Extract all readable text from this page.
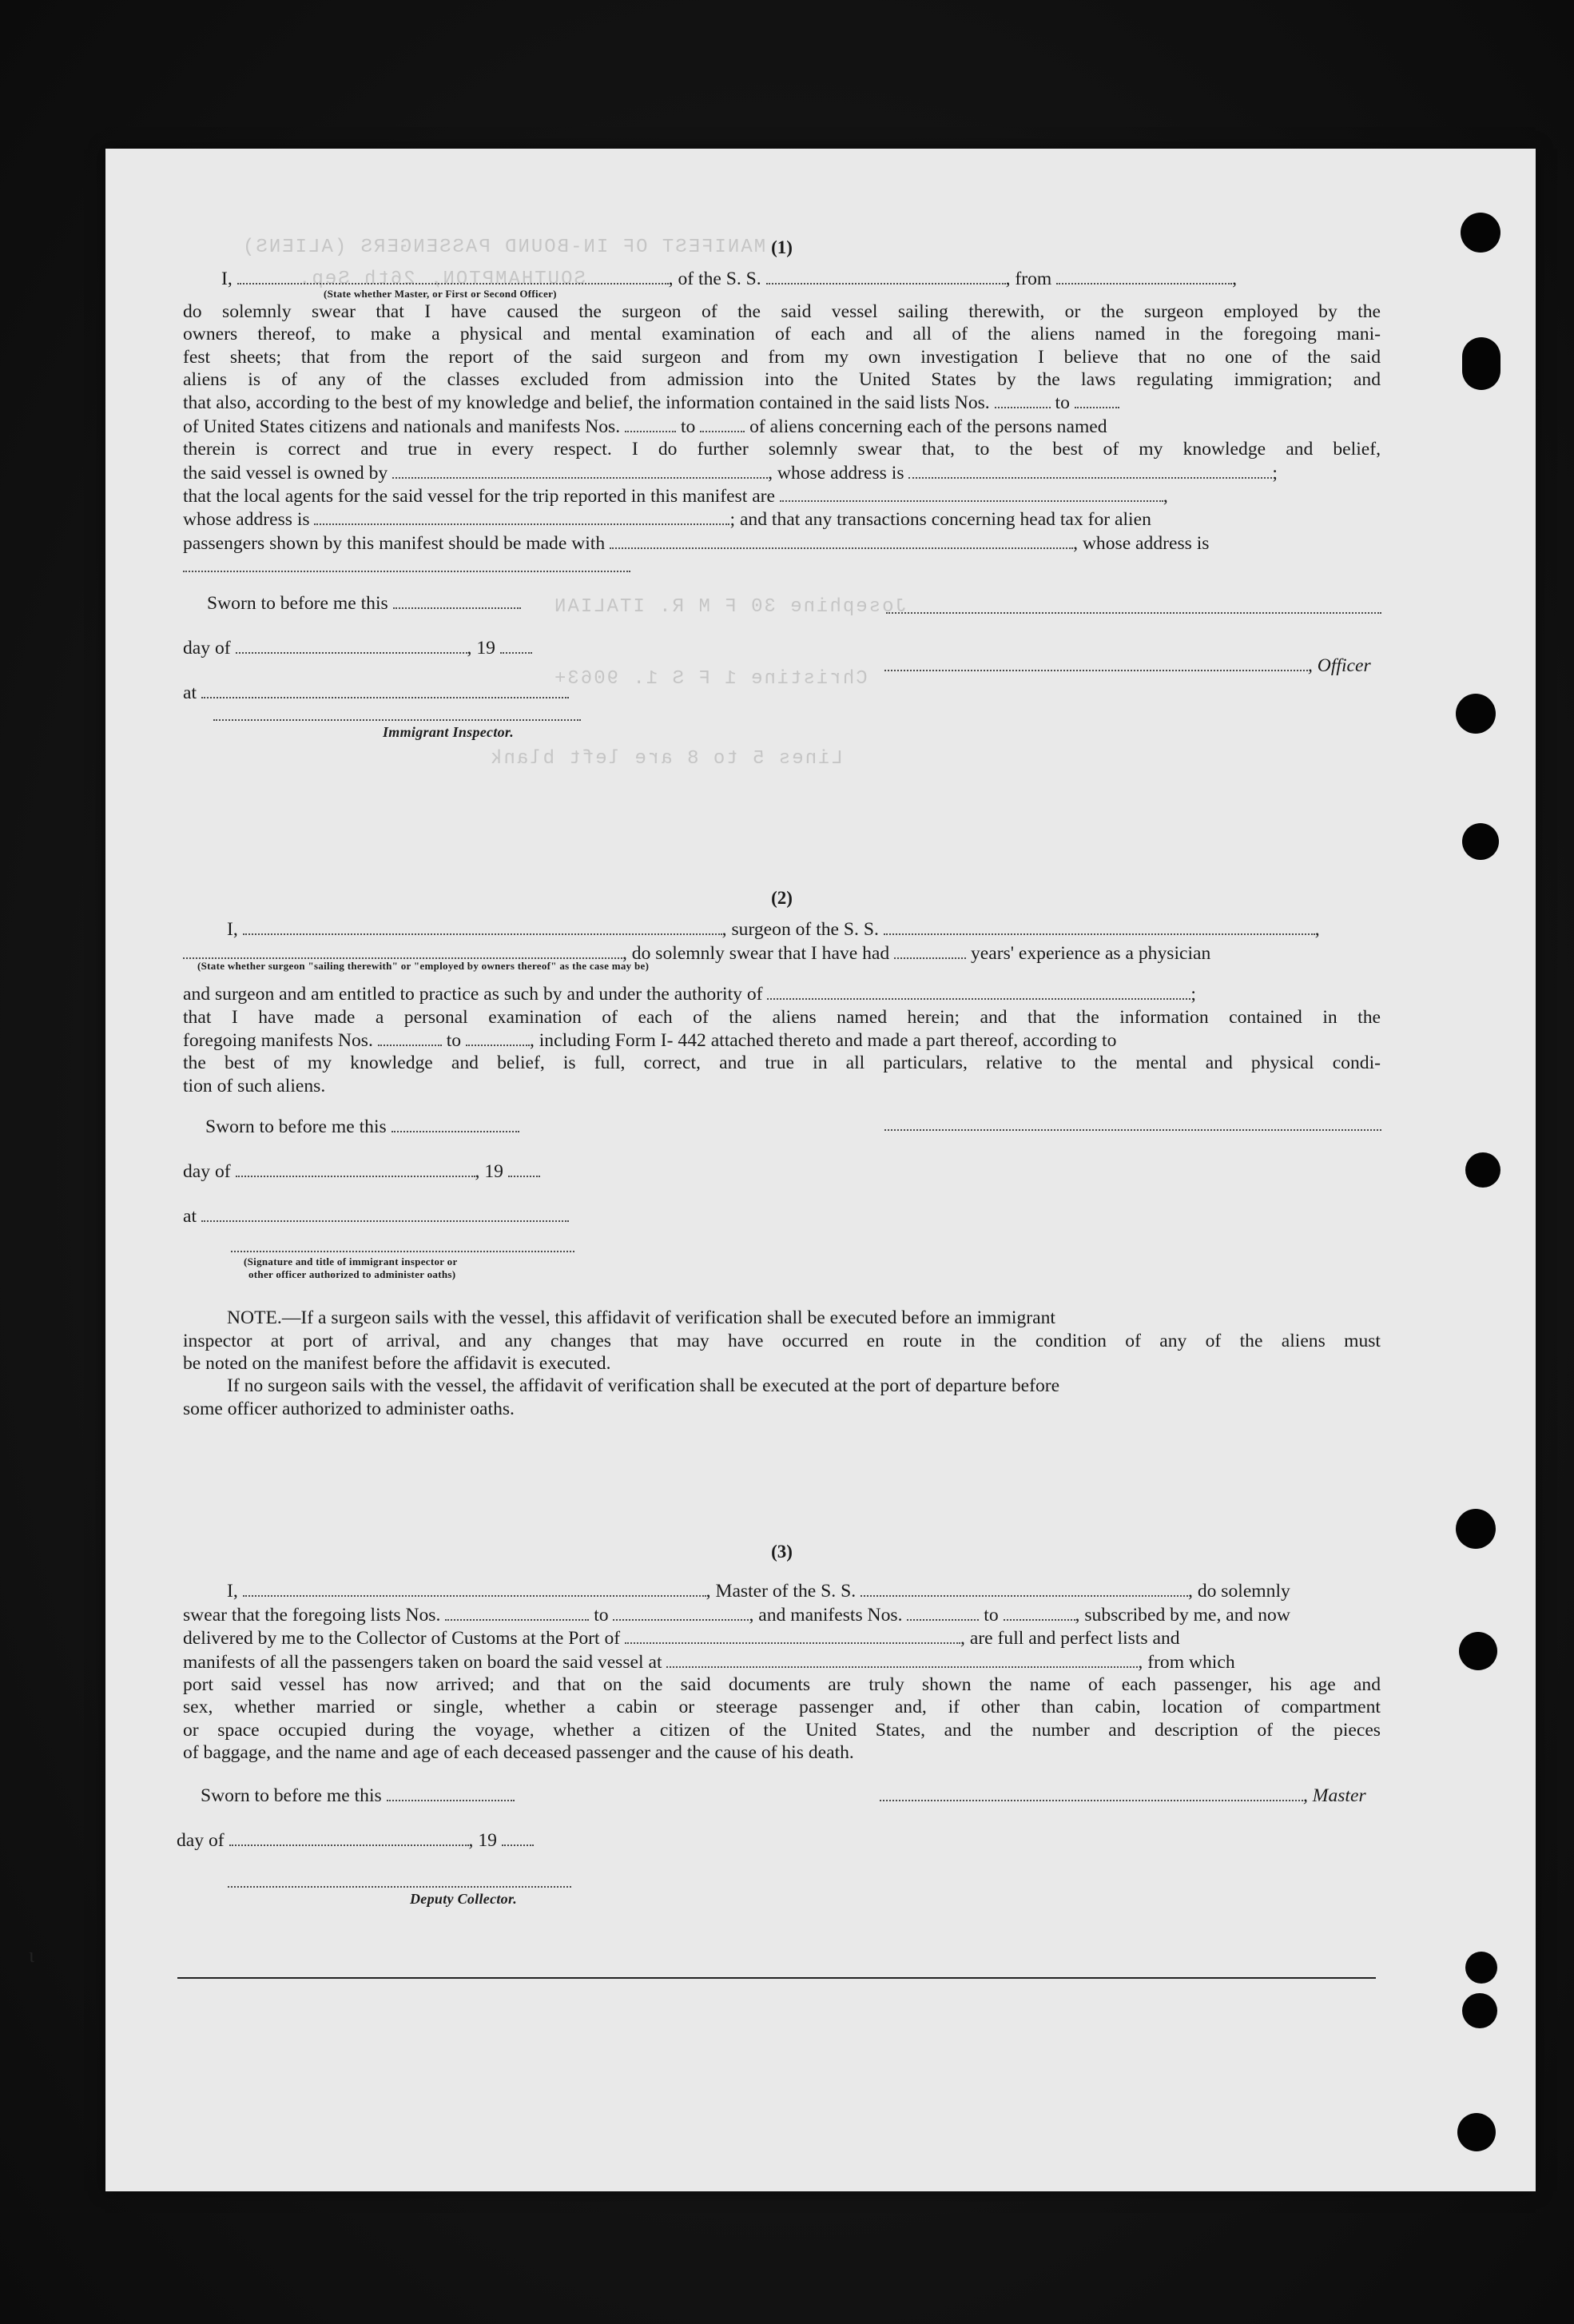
MANIFEST OF IN-BOUND PASSENGERS (ALIENS)
SOUTHAMPTON, 26th Sep.
Josephine 30 F M R. ITALIAN
Christine 1 F S 1. 9063+
Lines 5 to 8 are left blank
(1)
I,	, of the S. S.	, from	,
(State whether Master, or First or Second Officer)
do solemnly swear that I have caused the surgeon of the said vessel sailing therewith, or the surgeon employed by the
owners thereof, to make a physical and mental examination of each and all of the aliens named in the foregoing mani-
fest sheets; that from the report of the said surgeon and from my own investigation I believe that no one of the said
aliens is of any of the classes excluded from admission into the United States by the laws regulating immigration; and
that also, according to the best of my knowledge and belief, the information contained in the said lists Nos.	to
of United States citizens and nationals and manifests Nos.	to	of aliens concerning each of the persons named
therein is correct and true in every respect. I do further solemnly swear that, to the best of my knowledge and belief,
the said vessel is owned by	, whose address is	;
that the local agents for the said vessel for the trip reported in this manifest are	,
whose address is	; and that any transactions concerning head tax for alien
passengers shown by this manifest should be made with	, whose address is
Sworn to before me this
day of	, 19
at
Immigrant Inspector.
, Officer
(2)
I,	, surgeon of the S. S.	,
, do solemnly swear that I have had	years' experience as a physician
(State whether surgeon "sailing therewith" or "employed by owners thereof" as the case may be)
and surgeon and am entitled to practice as such by and under the authority of	;
that I have made a personal examination of each of the aliens named herein; and that the information contained in the
foregoing manifests Nos.	to	, including Form I- 442 attached thereto and made a part thereof, according to
the best of my knowledge and belief, is full, correct, and true in all particulars, relative to the mental and physical condi-
tion of such aliens.
Sworn to before me this
day of	, 19
at
(Signature and title of immigrant inspector or
other officer authorized to administer oaths)
NOTE.—If a surgeon sails with the vessel, this affidavit of verification shall be executed before an immigrant
inspector at port of arrival, and any changes that may have occurred en route in the condition of any of the aliens must
be noted on the manifest before the affidavit is executed.
If no surgeon sails with the vessel, the affidavit of verification shall be executed at the port of departure before
some officer authorized to administer oaths.
(3)
I,	, Master of the S. S.	, do solemnly
swear that the foregoing lists Nos.	to	, and manifests Nos.	to	, subscribed by me, and now
delivered by me to the Collector of Customs at the Port of	, are full and perfect lists and
manifests of all the passengers taken on board the said vessel at	, from which
port said vessel has now arrived; and that on the said documents are truly shown the name of each passenger, his age and
sex, whether married or single, whether a cabin or steerage passenger and, if other than cabin, location of compartment
or space occupied during the voyage, whether a citizen of the United States, and the number and description of the pieces
of baggage, and the name and age of each deceased passenger and the cause of his death.
Sworn to before me this	, Master
day of	, 19
Deputy Collector.
ɩ
